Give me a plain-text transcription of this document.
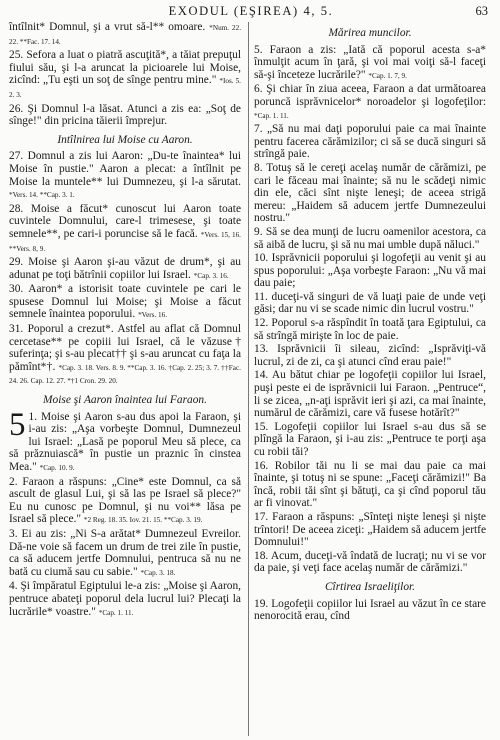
EXODUL (EŞIREA) 4, 5.	63

întîlnit* Domnul, şi a vrut să-l** omoare. *Num. 22. 22. **Fac. 17. 14.

25. Sefora a luat o piatră ascuţită*, a tăiat prepuţul fiului său, şi l-a aruncat la picioarele lui Moise, zicînd: „Tu eşti un soţ de sînge pentru mine." *Ios. 5. 2. 3.

26. Şi Domnul l-a lăsat. Atunci a zis ea: „Soţ de sînge!" din pricina tăierii împrejur.

Intîlnirea lui Moise cu Aaron.

27. Domnul a zis lui Aaron: „Du-te înaintea* lui Moise în pustie." Aaron a plecat: a întîlnit pe Moise la muntele** lui Dumnezeu, şi l-a sărutat. *Vers. 14. **Cap. 3. 1.

28. Moise a făcut* cunoscut lui Aaron toate cuvintele Domnului, care-l trimesese, şi toate semnele**, pe cari-i poruncise să le facă. *Vers. 15, 16. **Vers. 8, 9.

29. Moise şi Aaron şi-au văzut de drum*, şi au adunat pe toţi bătrînii copiilor lui Israel. *Cap. 3. 16.

30. Aaron* a istorisit toate cuvintele pe cari le spusese Domnul lui Moise; şi Moise a făcut semnele înaintea poporului. *Vers. 16.

31. Poporul a crezut*. Astfel au aflat că Domnul cercetase** pe copiii lui Israel, că le văzuse† suferinţa; şi s-au plecat†† şi s-au aruncat cu faţa la pămînt*†. *Cap. 3. 18. Vers. 8. 9. **Cap. 3. 16. †Cap. 2. 25; 3. 7. ††Fac. 24. 26. Cap. 12. 27. *†1 Cron. 29. 20.

Moise şi Aaron înaintea lui Faraon.

5 1. Moise şi Aaron s-au dus apoi la Faraon, şi i-au zis: „Aşa vorbeşte Domnul, Dumnezeul lui Israel: „Lasă pe poporul Meu să plece, ca să prăznuiască* în pustie un praznic în cinstea Mea." *Cap. 10. 9.

2. Faraon a răspuns: „Cine* este Domnul, ca să ascult de glasul Lui, şi să las pe Israel să plece?" Eu nu cunosc pe Domnul, şi nu voi** lăsa pe Israel să plece." *2 Reg. 18. 35. Iov. 21. 15. **Cap. 3. 19.

3. Ei au zis: „Ni S-a arătat* Dumnezeul Evreilor. Dă-ne voie să facem un drum de trei zile în pustie, ca să aducem jertfe Domnului, pentruca să nu ne bată cu ciumă sau cu sabie." *Cap. 3. 18.

4. Şi împăratul Egiptului le-a zis: „Moise şi Aaron, pentruce abateţi poporul dela lucrul lui? Plecaţi la lucrările* voastre." *Cap. 1. 11.

Mărirea muncilor.

5. Faraon a zis: „Iată că poporul acesta s-a* înmulţit acum în ţară, şi voi mai voiţi să-l faceţi să-şi înceteze lucrările?" *Cap. 1. 7, 9.

6. Şi chiar în ziua aceea, Faraon a dat următoarea poruncă isprăvnicelor* noroadelor şi logofeţilor: *Cap. 1. 11.

7. „Să nu mai daţi poporului paie ca mai înainte pentru facerea cărămizilor; ci să se ducă singuri să strîngă paie.

8. Totuş să le cereţi acelaş număr de cărămizi, pe cari le făceau mai înainte; să nu le scădeţi nimic din ele, căci sînt nişte leneşi; de aceea strigă mereu: „Haidem să aducem jertfe Dumnezeului nostru."

9. Să se dea munţi de lucru oamenilor acestora, ca să aibă de lucru, şi să nu mai umble după năluci."

10. Isprăvnicii poporului şi logofeţii au venit şi au spus poporului: „Aşa vorbeşte Faraon: „Nu vă mai dau paie;

11. duceţi-vă singuri de vă luaţi paie de unde veţi găsi; dar nu vi se scade nimic din lucrul vostru."

12. Poporul s-a răspîndit în toată ţara Egiptului, ca să strîngă mirişte în loc de paie.

13. Isprăvnicii îi sileau, zicînd: „Isprăviţi-vă lucrul, zi de zi, ca şi atunci cînd erau paie!"

14. Au bătut chiar pe logofeţii copiilor lui Israel, puşi peste ei de isprăvnicii lui Faraon. „Pentruce“, li se zicea, „n-aţi isprăvit ieri şi azi, ca mai înainte, numărul de cărămizi, care vă fusese hotărît?"

15. Logofeţii copiilor lui Israel s-au dus să se plîngă la Faraon, şi i-au zis: „Pentruce te porţi aşa cu robii tăi?

16. Robilor tăi nu li se mai dau paie ca mai înainte, şi totuş ni se spune: „Faceţi cărămizi!" Ba încă, robii tăi sînt şi bătuţi, ca şi cînd poporul tău ar fi vinovat."

17. Faraon a răspuns: „Sînteţi nişte leneşi şi nişte trîntori! De aceea ziceţi: „Haidem să aducem jertfe Domnului!"

18. Acum, duceţi-vă îndată de lucraţi; nu vi se vor da paie, şi veţi face acelaş număr de cărămizi."

Cîrtirea Israeliţilor.

19. Logofeţii copiilor lui Israel au văzut în ce stare nenorocită erau, cînd
